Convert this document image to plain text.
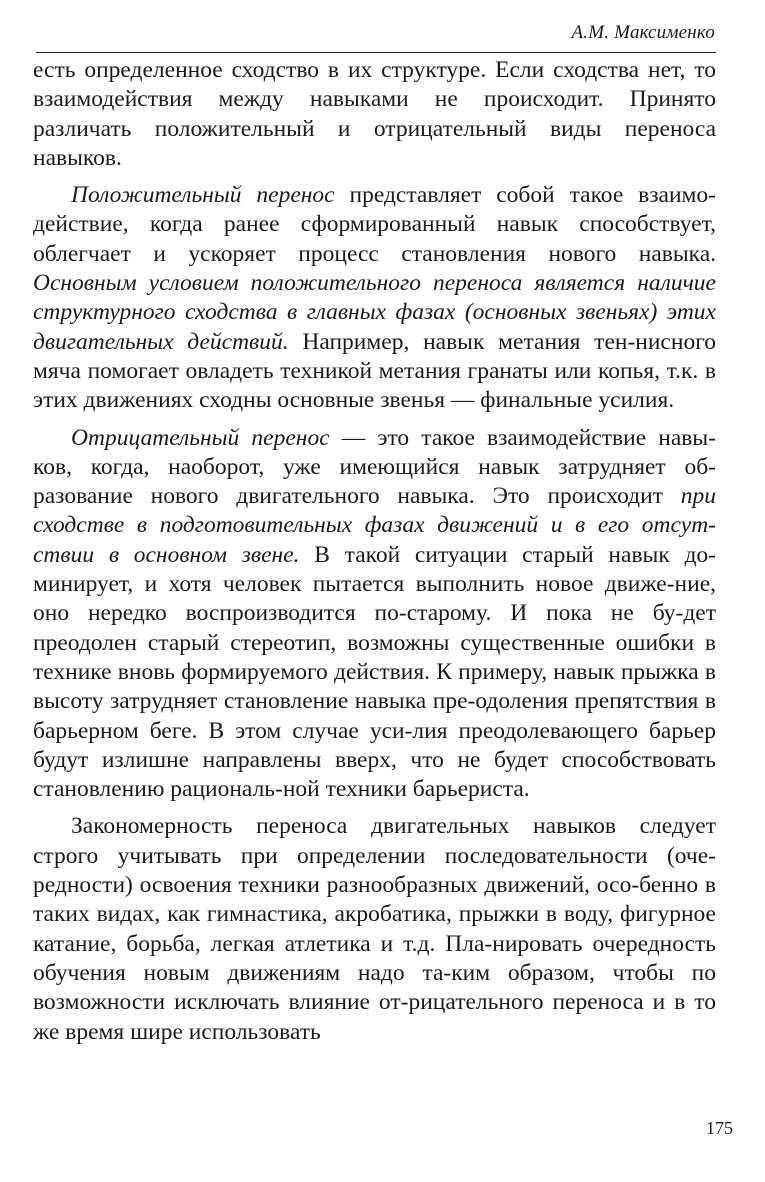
А.М. Максименко

есть определенное сходство в их структуре. Если сходства нет, то взаимодействия между навыками не происходит. Принято различать положительный и отрицательный виды переноса навыков.

Положительный перенос представляет собой такое взаимо-действие, когда ранее сформированный навык способствует, облегчает и ускоряет процесс становления нового навыка. Основным условием положительного переноса является наличие структурного сходства в главных фазах (основных звеньях) этих двигательных действий. Например, навык метания тен-нисного мяча помогает овладеть техникой метания гранаты или копья, т.к. в этих движениях сходны основные звенья — финальные усилия.

Отрицательный перенос — это такое взаимодействие навы-ков, когда, наоборот, уже имеющийся навык затрудняет об-разование нового двигательного навыка. Это происходит при сходстве в подготовительных фазах движений и в его отсут-ствии в основном звене. В такой ситуации старый навык до-минирует, и хотя человек пытается выполнить новое движе-ние, оно нередко воспроизводится по-старому. И пока не бу-дет преодолен старый стереотип, возможны существенные ошибки в технике вновь формируемого действия. К примеру, навык прыжка в высоту затрудняет становление навыка пре-одоления препятствия в барьерном беге. В этом случае уси-лия преодолевающего барьер будут излишне направлены вверх, что не будет способствовать становлению рациональ-ной техники барьериста.

Закономерность переноса двигательных навыков следует строго учитывать при определении последовательности (оче-редности) освоения техники разнообразных движений, осо-бенно в таких видах, как гимнастика, акробатика, прыжки в воду, фигурное катание, борьба, легкая атлетика и т.д. Пла-нировать очередность обучения новым движениям надо та-ким образом, чтобы по возможности исключать влияние от-рицательного переноса и в то же время шире использовать

175
